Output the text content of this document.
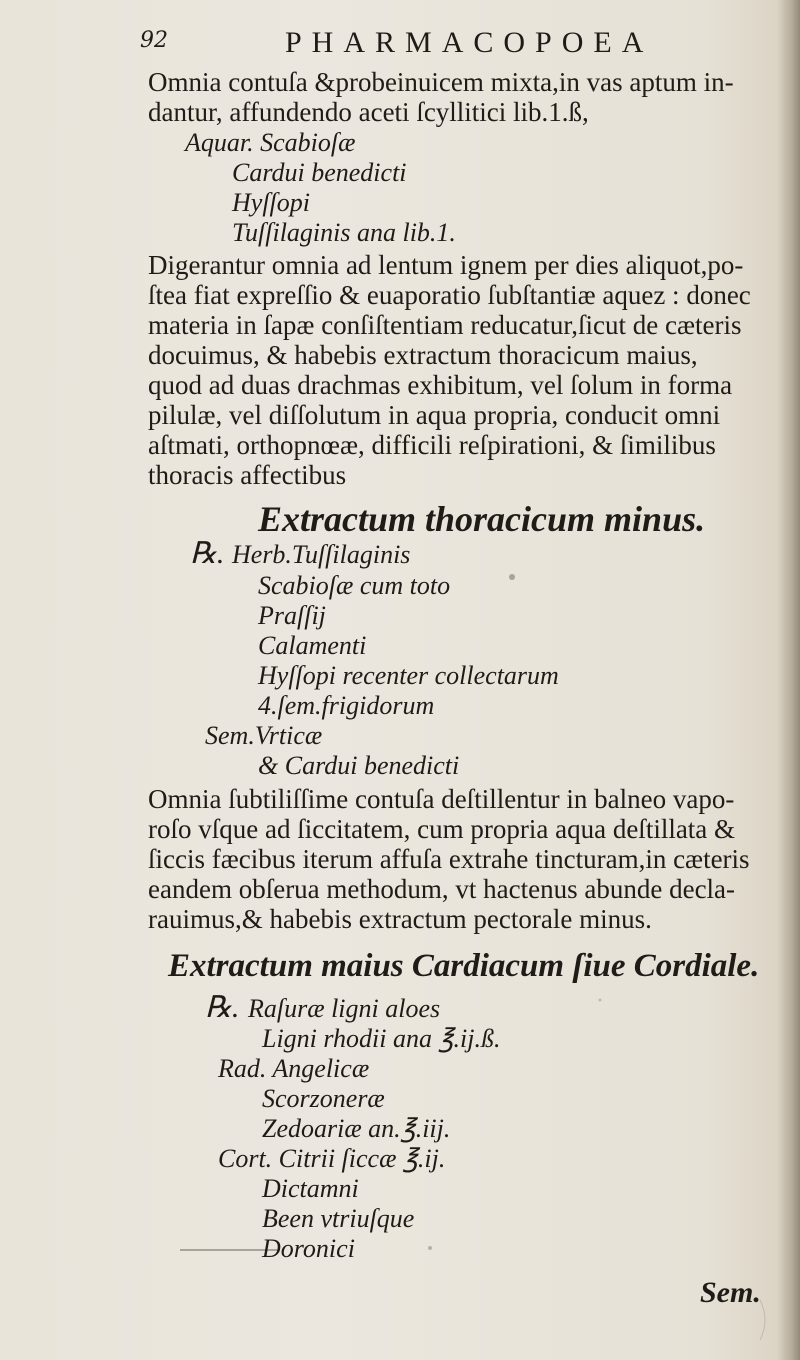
92	PHARMACOPOEA
Omnia contuſa &probeinuicem mixta,in vas aptum in-
dantur, affundendo aceti ſcyllitici lib.1.ß,
Aquar. Scabioſæ
Cardui benedicti
Hyſſopi
Tuſſilaginis ana lib.1.
Digerantur omnia ad lentum ignem per dies aliquot,po-
ſtea fiat expreſſio & euaporatio ſubſtantiæ aquez : donec
materia in ſapæ conſiſtentiam reducatur,ſicut de cæteris
docuimus, & habebis extractum thoracicum maius,
quod ad duas drachmas exhibitum, vel ſolum in forma
pilulæ, vel diſſolutum in aqua propria, conducit omni
aſtmati, orthopnœæ, difficili reſpirationi, & ſimilibus
thoracis affectibus
Extractum thoracicum minus.
℞. Herb.Tuſſilaginis
Scabioſæ cum toto
Praſſij
Calamenti
Hyſſopi recenter collectarum
4.ſem.frigidorum
Sem.Vrticæ
& Cardui benedicti
Omnia ſubtiliſſime contuſa deſtillentur in balneo vapo-
roſo vſque ad ſiccitatem, cum propria aqua deſtillata &
ſiccis fæcibus iterum affuſa extrahe tincturam,in cæteris
eandem obſerua methodum, vt hactenus abunde decla-
rauimus,& habebis extractum pectorale minus.
Extractum maius Cardiacum ſiue Cordiale.
℞. Raſuræ ligni aloes
Ligni rhodii ana ℥.ij.ß.
Rad. Angelicæ
Scorzoneræ
Zedoariæ an.℥.iij.
Cort. Citrii ſiccæ ℥.ij.
Dictamni
Been vtriuſque
Doronici
Sem.
